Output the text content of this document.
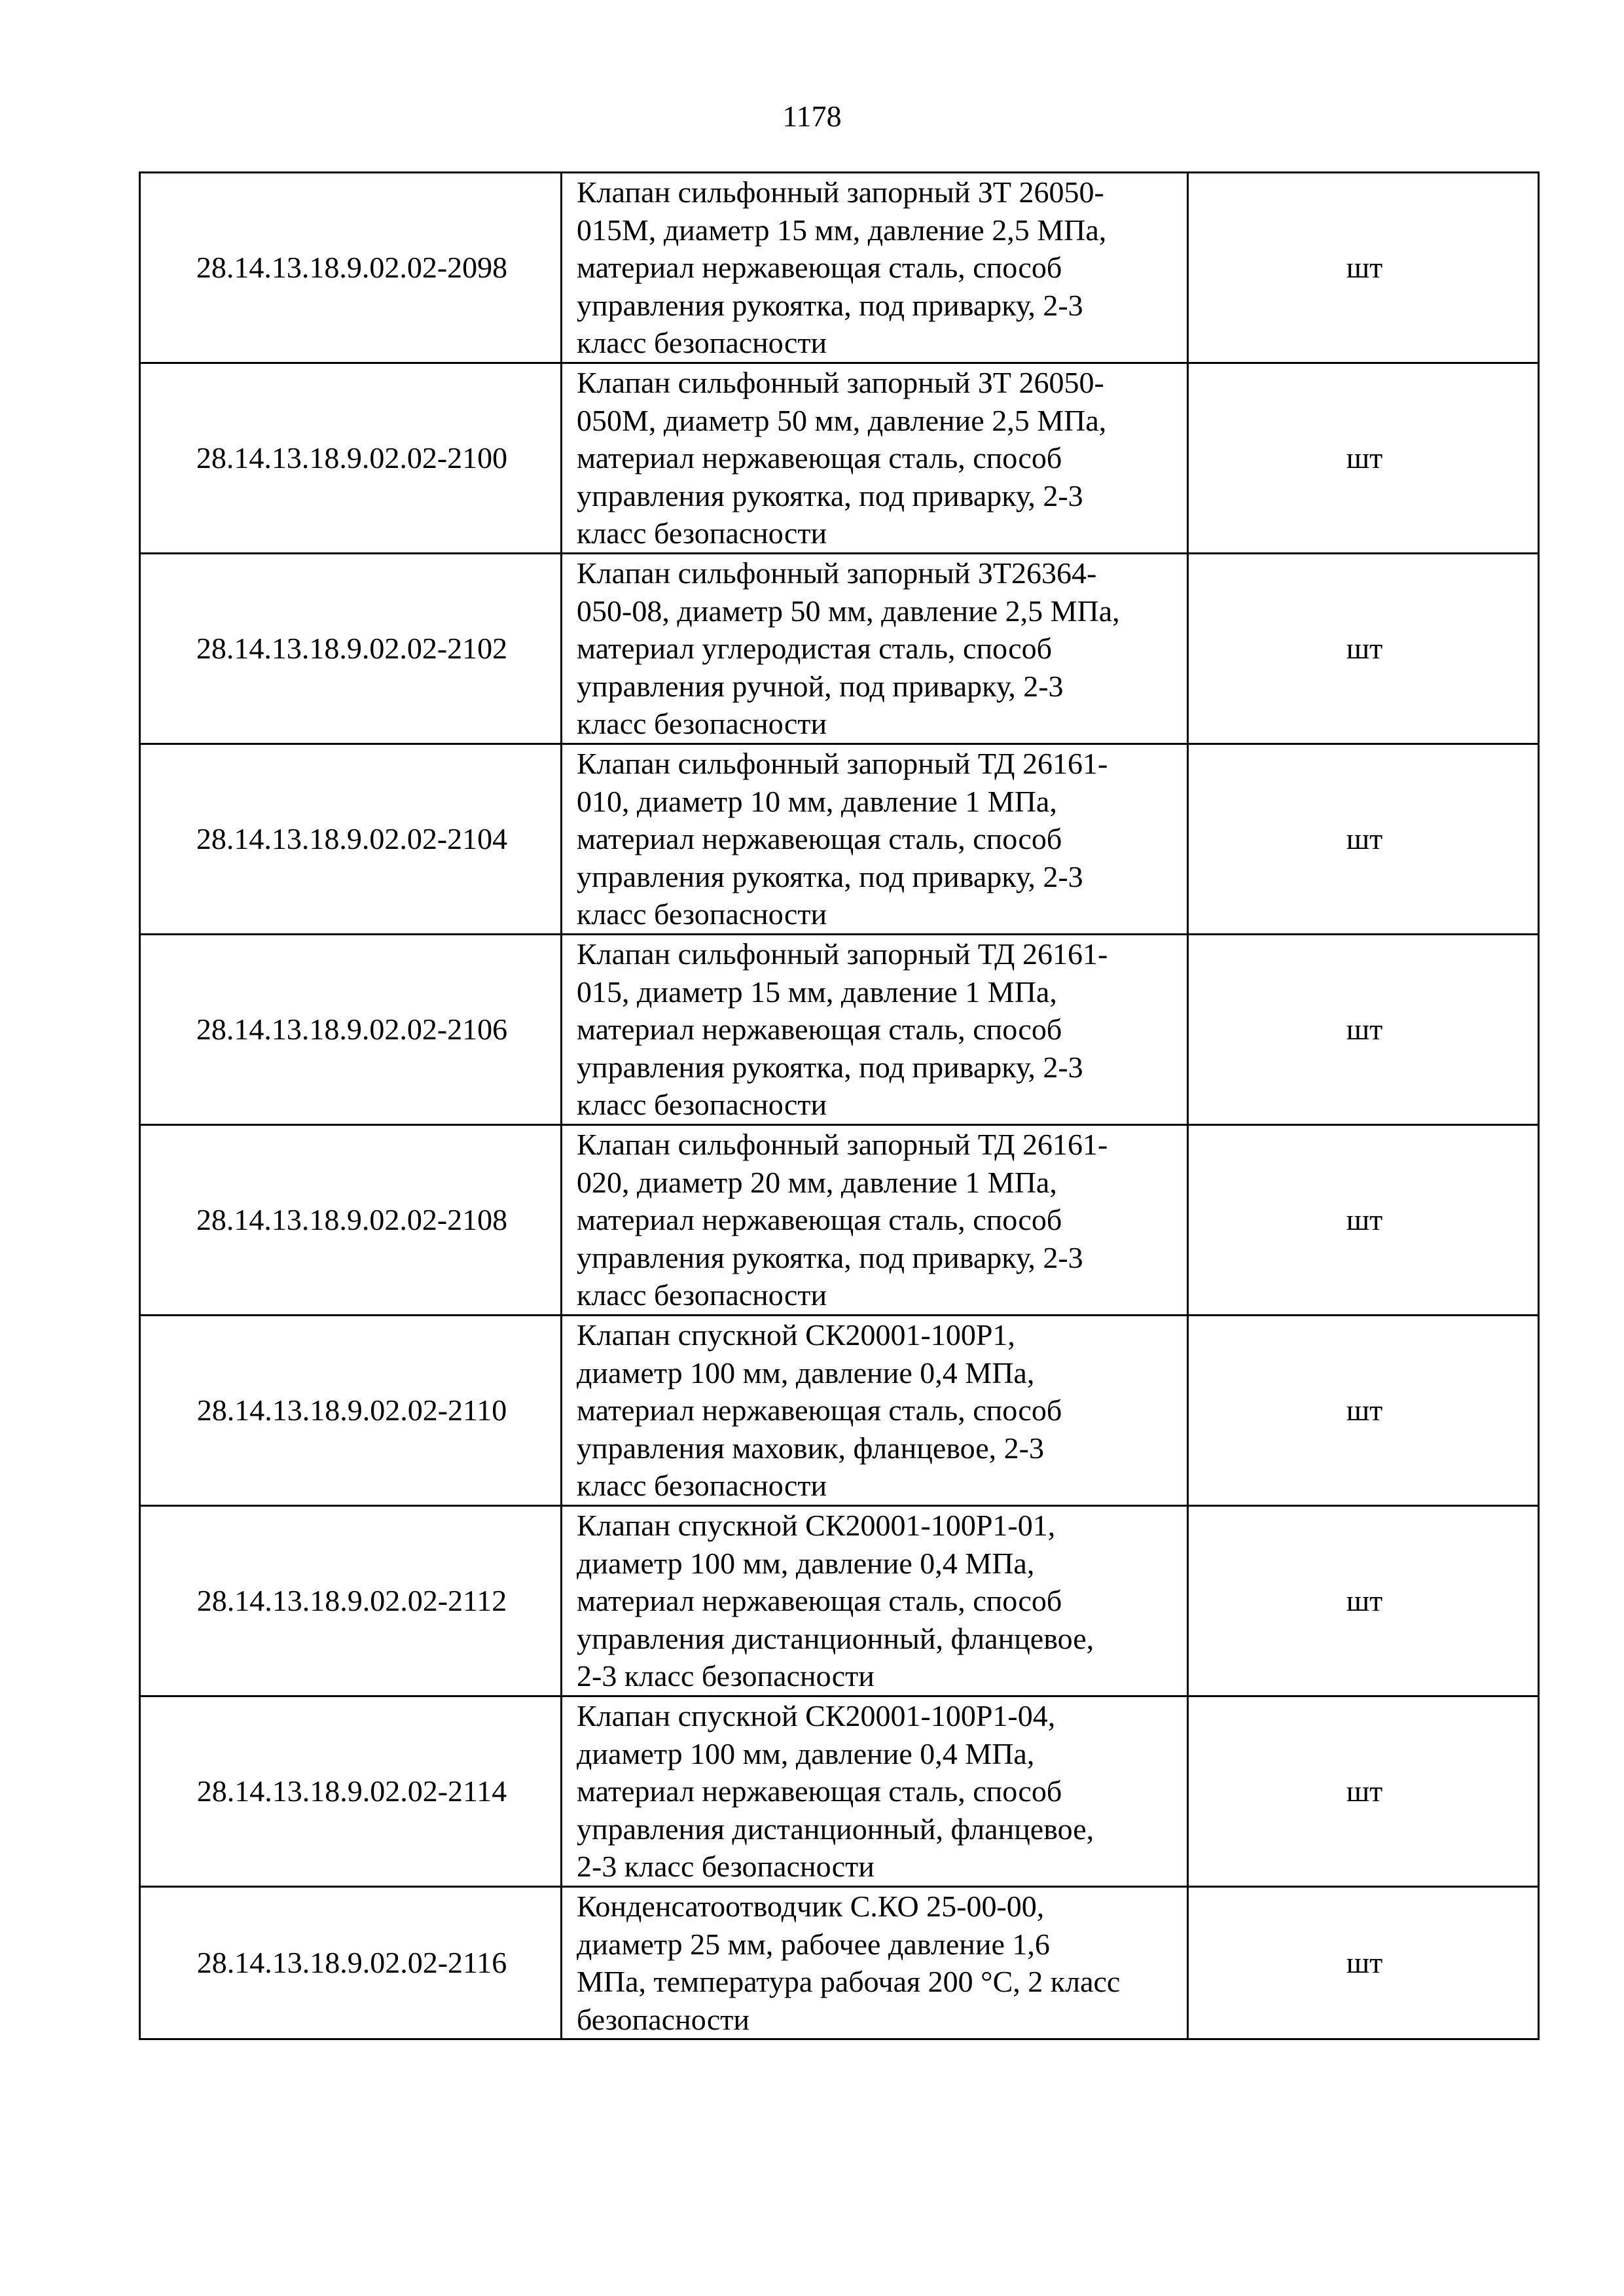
1178
28.14.13.18.9.02.02-2098	Клапан сильфонный запорный ЗТ 26050-
015М, диаметр 15 мм, давление 2,5 МПа,
материал нержавеющая сталь, способ
управления рукоятка, под приварку, 2-3
класс безопасности	шт
28.14.13.18.9.02.02-2100	Клапан сильфонный запорный ЗТ 26050-
050М, диаметр 50 мм, давление 2,5 МПа,
материал нержавеющая сталь, способ
управления рукоятка, под приварку, 2-3
класс безопасности	шт
28.14.13.18.9.02.02-2102	Клапан сильфонный запорный ЗТ26364-
050-08, диаметр 50 мм, давление 2,5 МПа,
материал углеродистая сталь, способ
управления ручной, под приварку, 2-3
класс безопасности	шт
28.14.13.18.9.02.02-2104	Клапан сильфонный запорный ТД 26161-
010, диаметр 10 мм, давление 1 МПа,
материал нержавеющая сталь, способ
управления рукоятка, под приварку, 2-3
класс безопасности	шт
28.14.13.18.9.02.02-2106	Клапан сильфонный запорный ТД 26161-
015, диаметр 15 мм, давление 1 МПа,
материал нержавеющая сталь, способ
управления рукоятка, под приварку, 2-3
класс безопасности	шт
28.14.13.18.9.02.02-2108	Клапан сильфонный запорный ТД 26161-
020, диаметр 20 мм, давление 1 МПа,
материал нержавеющая сталь, способ
управления рукоятка, под приварку, 2-3
класс безопасности	шт
28.14.13.18.9.02.02-2110	Клапан спускной СК20001-100Р1,
диаметр 100 мм, давление 0,4 МПа,
материал нержавеющая сталь, способ
управления маховик, фланцевое, 2-3
класс безопасности	шт
28.14.13.18.9.02.02-2112	Клапан спускной СК20001-100Р1-01,
диаметр 100 мм, давление 0,4 МПа,
материал нержавеющая сталь, способ
управления дистанционный, фланцевое,
2-3 класс безопасности	шт
28.14.13.18.9.02.02-2114	Клапан спускной СК20001-100Р1-04,
диаметр 100 мм, давление 0,4 МПа,
материал нержавеющая сталь, способ
управления дистанционный, фланцевое,
2-3 класс безопасности	шт
28.14.13.18.9.02.02-2116	Конденсатоотводчик С.КО 25-00-00,
диаметр 25 мм, рабочее давление 1,6
МПа, температура рабочая 200 °С, 2 класс
безопасности	шт
